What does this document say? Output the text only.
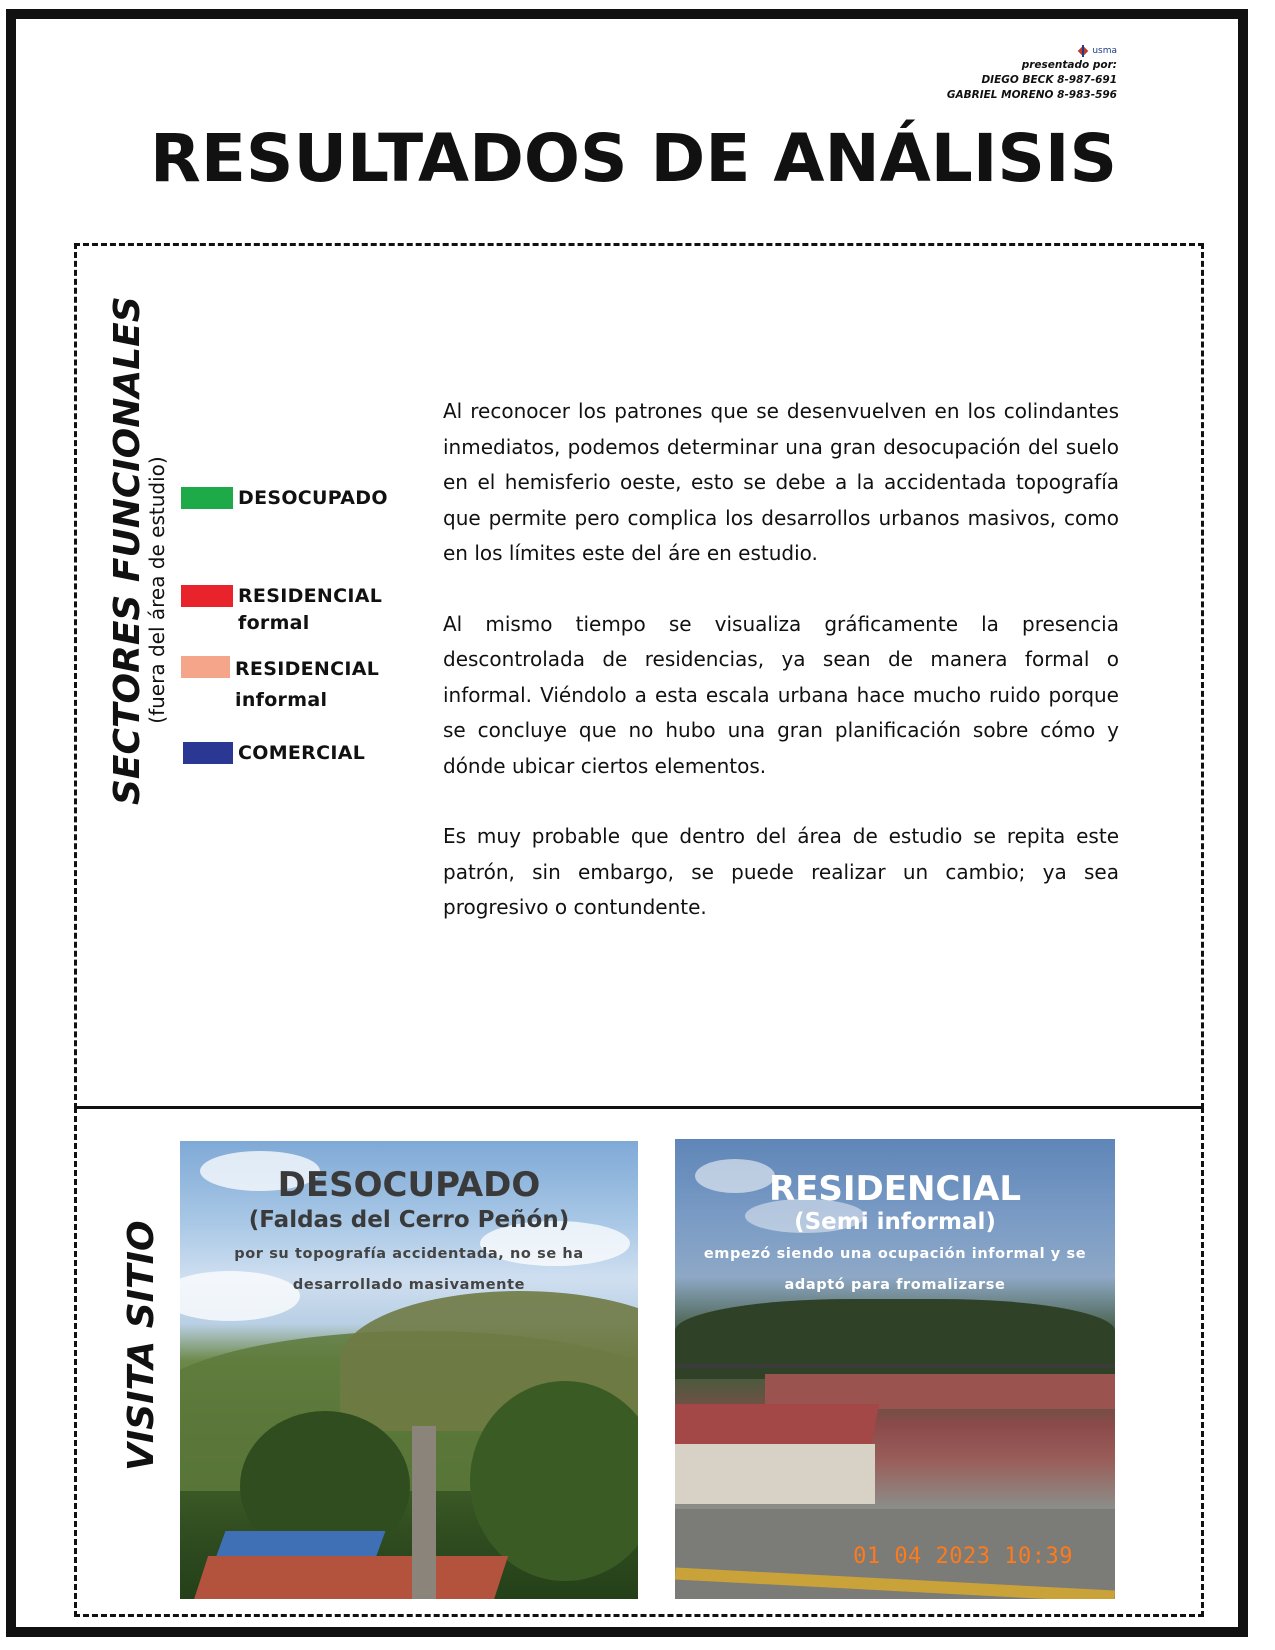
usma
presentado por:
DIEGO BECK 8-987-691
GABRIEL MORENO 8-983-596
RESULTADOS DE ANÁLISIS
SECTORES FUNCIONALES
(fuera del área de estudio)	DESOCUPADO
RESIDENCIAL
formal
RESIDENCIAL
informal
COMERCIAL

Al reconocer los patrones que se desenvuelven en los colindantes inmediatos, podemos determinar una gran desocupación del suelo en el hemisferio oeste, esto se debe a la accidentada topografía que permite pero complica los desarrollos urbanos masivos, como en los límites este del áre en estudio.

Al mismo tiempo se visualiza gráficamente la presencia descontrolada de residencias, ya sean de manera formal o informal. Viéndolo a esta escala urbana hace mucho ruido porque se concluye que no hubo una gran planificación sobre cómo y dónde ubicar ciertos elementos.

Es muy probable que dentro del área de estudio se repita este patrón, sin embargo, se puede realizar un cambio; ya sea progresivo o contundente.

VISITA SITIO
DESOCUPADO
(Faldas del Cerro Peñón)
por su topografía accidentada, no se ha
desarrollado masivamente
RESIDENCIAL
(Semi informal)
empezó siendo una ocupación informal y se
adaptó para fromalizarse
01 04 2023 10:39
